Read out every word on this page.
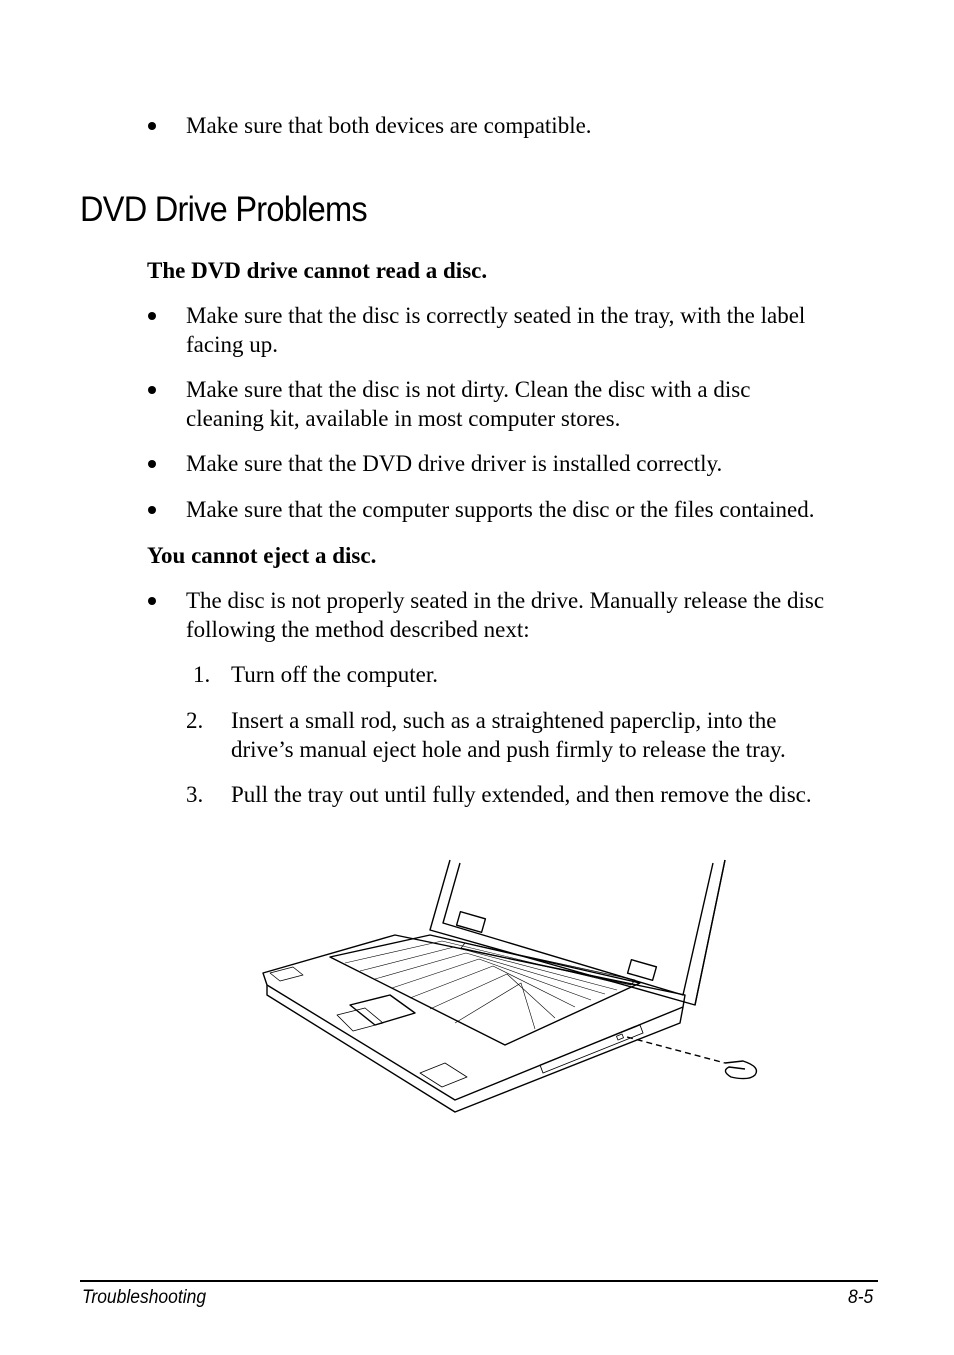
Make sure that both devices are compatible.
DVD Drive Problems
The DVD drive cannot read a disc.
Make sure that the disc is correctly seated in the tray, with the label
facing up.
Make sure that the disc is not dirty. Clean the disc with a disc
cleaning kit, available in most computer stores.
Make sure that the DVD drive driver is installed correctly.
Make sure that the computer supports the disc or the files contained.
You cannot eject a disc.
The disc is not properly seated in the drive. Manually release the disc
following the method described next:
1. Turn off the computer.
2. Insert a small rod, such as a straightened paperclip, into the
drive’s manual eject hole and push firmly to release the tray.
3. Pull the tray out until fully extended, and then remove the disc.
Troubleshooting	8-5
